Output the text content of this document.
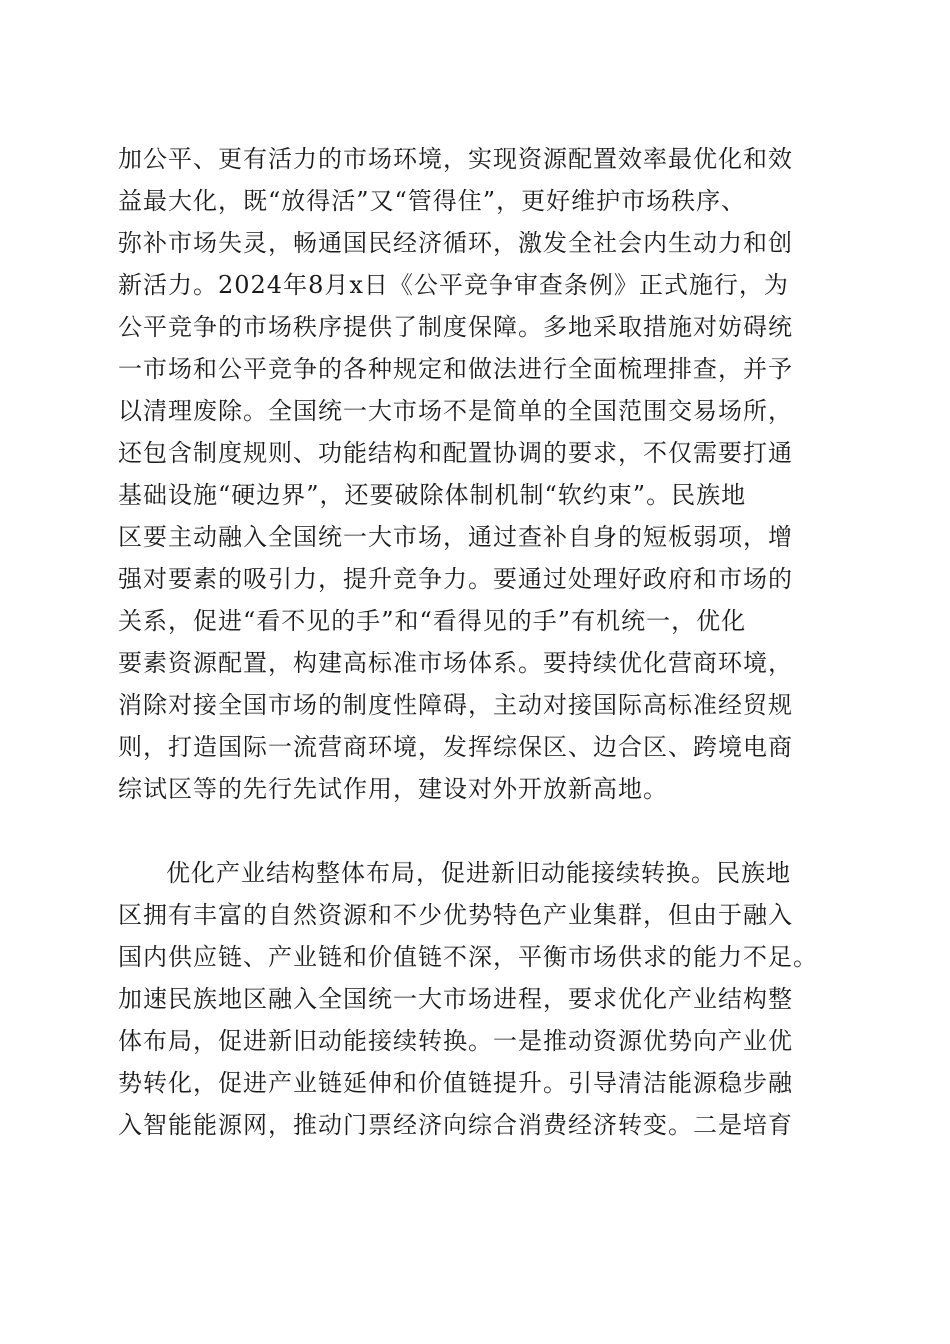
加公平、更有活力的市场环境，实现资源配置效率最优化和效
益最大化，既“放得活”又“管得住”，更好维护市场秩序、
弥补市场失灵，畅通国民经济循环，激发全社会内生动力和创
新活力。2024年8月x日《公平竞争审查条例》正式施行，为
公平竞争的市场秩序提供了制度保障。多地采取措施对妨碍统
一市场和公平竞争的各种规定和做法进行全面梳理排查，并予
以清理废除。全国统一大市场不是简单的全国范围交易场所，
还包含制度规则、功能结构和配置协调的要求，不仅需要打通
基础设施“硬边界”，还要破除体制机制“软约束”。民族地
区要主动融入全国统一大市场，通过查补自身的短板弱项，增
强对要素的吸引力，提升竞争力。要通过处理好政府和市场的
关系，促进“看不见的手”和“看得见的手”有机统一，优化
要素资源配置，构建高标准市场体系。要持续优化营商环境，
消除对接全国市场的制度性障碍，主动对接国际高标准经贸规
则，打造国际一流营商环境，发挥综保区、边合区、跨境电商
综试区等的先行先试作用，建设对外开放新高地。
优化产业结构整体布局，促进新旧动能接续转换。民族地
区拥有丰富的自然资源和不少优势特色产业集群，但由于融入
国内供应链、产业链和价值链不深，平衡市场供求的能力不足。
加速民族地区融入全国统一大市场进程，要求优化产业结构整
体布局，促进新旧动能接续转换。一是推动资源优势向产业优
势转化，促进产业链延伸和价值链提升。引导清洁能源稳步融
入智能能源网，推动门票经济向综合消费经济转变。二是培育
